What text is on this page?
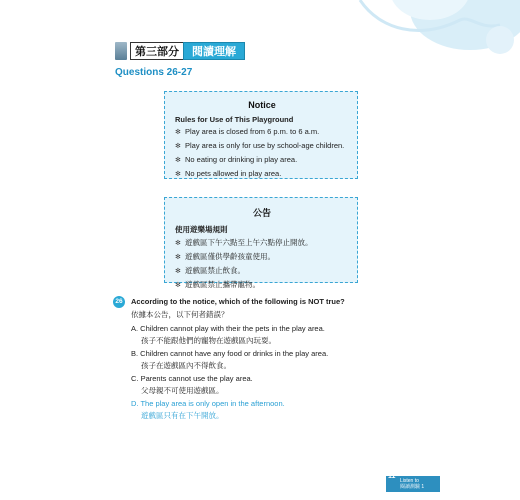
第三部分	閱讀理解
Questions 26-27
Notice
Rules for Use of This Playground
✻ Play area is closed from 6 p.m. to 6 a.m.
✻ Play area is only for use by school-age children.
✻ No eating or drinking in play area.
✻ No pets allowed in play area.
公告
使用遊樂場規則
✻ 遊戲區下午六點至上午六點停止開放。
✻ 遊戲區僅供學齡孩童使用。
✻ 遊戲區禁止飲食。
✻ 遊戲區禁止攜帶寵物。
26	According to the notice, which of the following is NOT true?
依據本公告，以下何者錯誤？
A. Children cannot play with their the pets in the play area.
孩子不能跟他們的寵物在遊戲區內玩耍。
B. Children cannot have any food or drinks in the play area.
孩子在遊戲區內不得飲食。
C. Parents cannot use the play area.
父母親不可使用遊戲區。
D. The play area is only open in the afternoon.
遊戲區只有在下午開放。
11
Listen to
閱讀測驗 1
